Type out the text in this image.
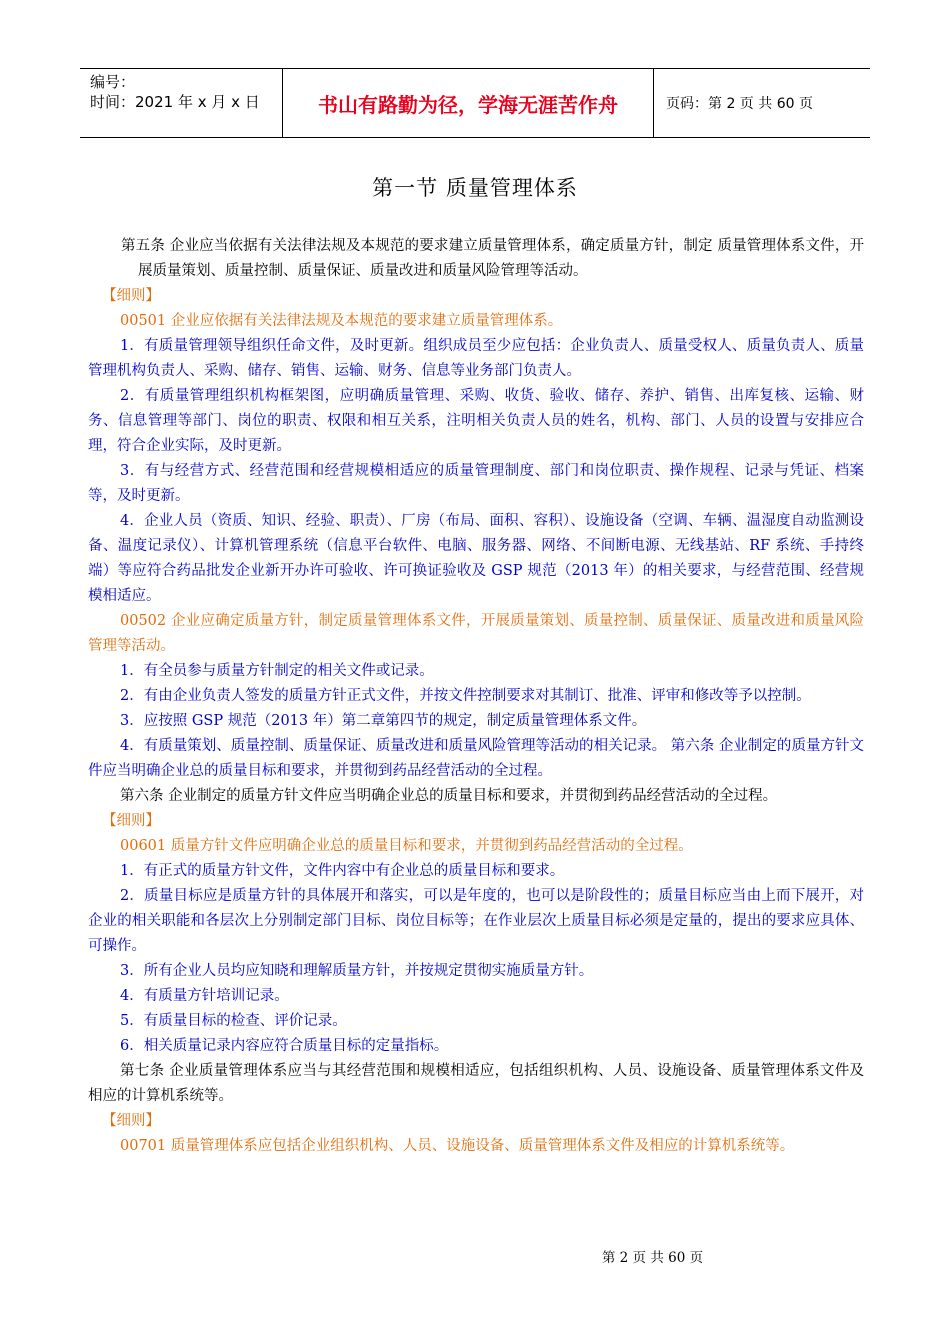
编号：
时间：2021 年 x 月 x 日	书山有路勤为径，学海无涯苦作舟	页码：第 2 页 共 60 页
第一节 质量管理体系

第五条 企业应当依据有关法律法规及本规范的要求建立质量管理体系，确定质量方针，制定 质量管理体系文件，开展质量策划、质量控制、质量保证、质量改进和质量风险管理等活动。

【细则】

00501 企业应依据有关法律法规及本规范的要求建立质量管理体系。

1．有质量管理领导组织任命文件，及时更新。组织成员至少应包括：企业负责人、质量受权人、质量负责人、质量管理机构负责人、采购、储存、销售、运输、财务、信息等业务部门负责人。

2．有质量管理组织机构框架图，应明确质量管理、采购、收货、验收、储存、养护、销售、出库复核、运输、财务、信息管理等部门、岗位的职责、权限和相互关系，注明相关负责人员的姓名，机构、部门、人员的设置与安排应合理，符合企业实际，及时更新。

3．有与经营方式、经营范围和经营规模相适应的质量管理制度、部门和岗位职责、操作规程、记录与凭证、档案等，及时更新。

4．企业人员（资质、知识、经验、职责）、厂房（布局、面积、容积）、设施设备（空调、车辆、温湿度自动监测设备、温度记录仪）、计算机管理系统（信息平台软件、电脑、服务器、网络、不间断电源、无线基站、RF 系统、手持终端）等应符合药品批发企业新开办许可验收、许可换证验收及 GSP 规范（2013 年）的相关要求，与经营范围、经营规模相适应。

00502 企业应确定质量方针，制定质量管理体系文件，开展质量策划、质量控制、质量保证、质量改进和质量风险管理等活动。

1．有全员参与质量方针制定的相关文件或记录。

2．有由企业负责人签发的质量方针正式文件，并按文件控制要求对其制订、批准、评审和修改等予以控制。

3．应按照 GSP 规范（2013 年）第二章第四节的规定，制定质量管理体系文件。

4．有质量策划、质量控制、质量保证、质量改进和质量风险管理等活动的相关记录。 第六条 企业制定的质量方针文件应当明确企业总的质量目标和要求，并贯彻到药品经营活动的全过程。

第六条 企业制定的质量方针文件应当明确企业总的质量目标和要求，并贯彻到药品经营活动的全过程。

【细则】

00601 质量方针文件应明确企业总的质量目标和要求，并贯彻到药品经营活动的全过程。

1．有正式的质量方针文件，文件内容中有企业总的质量目标和要求。

2．质量目标应是质量方针的具体展开和落实，可以是年度的，也可以是阶段性的；质量目标应当由上而下展开，对企业的相关职能和各层次上分别制定部门目标、岗位目标等；在作业层次上质量目标必须是定量的，提出的要求应具体、可操作。

3．所有企业人员均应知晓和理解质量方针，并按规定贯彻实施质量方针。

4．有质量方针培训记录。

5．有质量目标的检查、评价记录。

6．相关质量记录内容应符合质量目标的定量指标。

第七条 企业质量管理体系应当与其经营范围和规模相适应，包括组织机构、人员、设施设备、质量管理体系文件及相应的计算机系统等。

【细则】

00701 质量管理体系应包括企业组织机构、人员、设施设备、质量管理体系文件及相应的计算机系统等。

第 2 页 共 60 页
